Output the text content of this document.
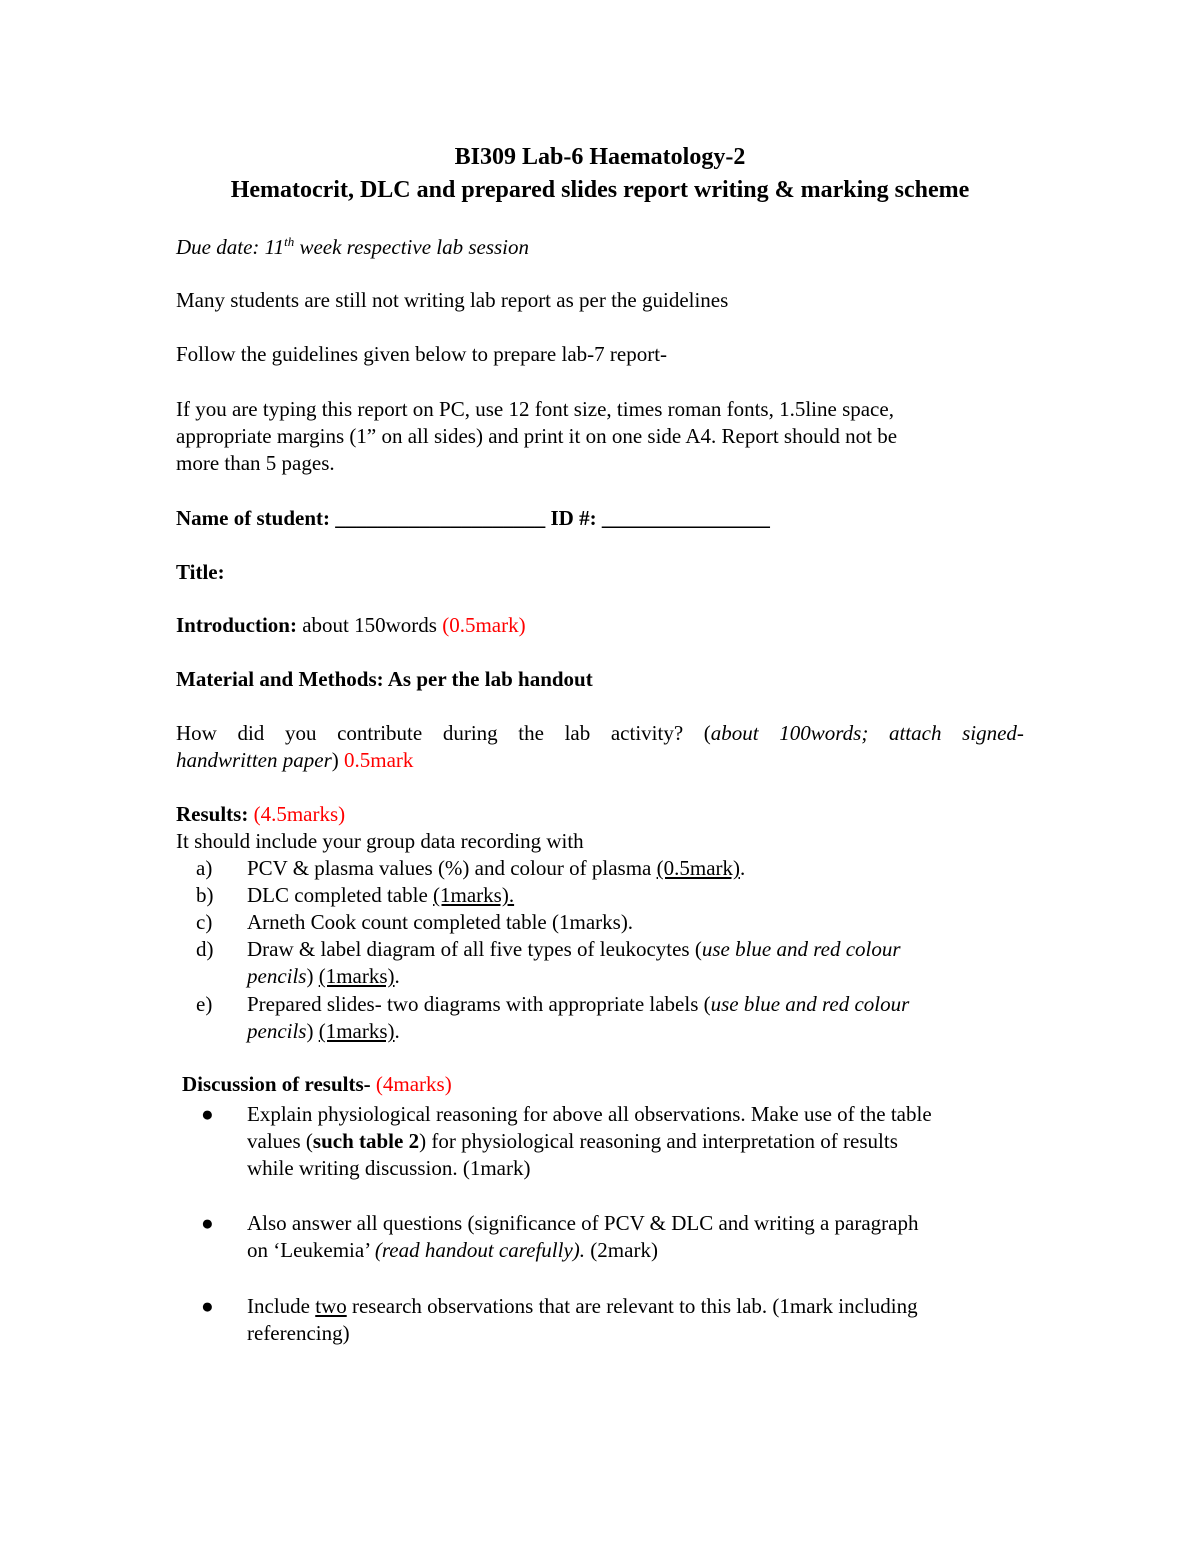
BI309 Lab-6 Haematology-2
Hematocrit, DLC and prepared slides report writing & marking scheme
Due date: 11th week respective lab session
Many students are still not writing lab report as per the guidelines
Follow the guidelines given below to prepare lab-7 report-
If you are typing this report on PC, use 12 font size, times roman fonts, 1.5line space,
appropriate margins (1” on all sides) and print it on one side A4. Report should not be
more than 5 pages.
Name of student: ____________________ ID #: ________________
Title:
Introduction: about 150words (0.5mark)
Material and Methods: As per the lab handout
How did you contribute during the lab activity? (about 100words; attach signed-
handwritten paper) 0.5mark
Results: (4.5marks)
It should include your group data recording with
a) PCV & plasma values (%) and colour of plasma (0.5mark).
b) DLC completed table (1marks).
c) Arneth Cook count completed table (1marks).
d) Draw & label diagram of all five types of leukocytes (use blue and red colour
pencils) (1marks).
e) Prepared slides- two diagrams with appropriate labels (use blue and red colour
pencils) (1marks).
Discussion of results- (4marks)
● Explain physiological reasoning for above all observations. Make use of the table
values (such table 2) for physiological reasoning and interpretation of results
while writing discussion. (1mark)
● Also answer all questions (significance of PCV & DLC and writing a paragraph
on ‘Leukemia’ (read handout carefully). (2mark)
● Include two research observations that are relevant to this lab. (1mark including
referencing)
